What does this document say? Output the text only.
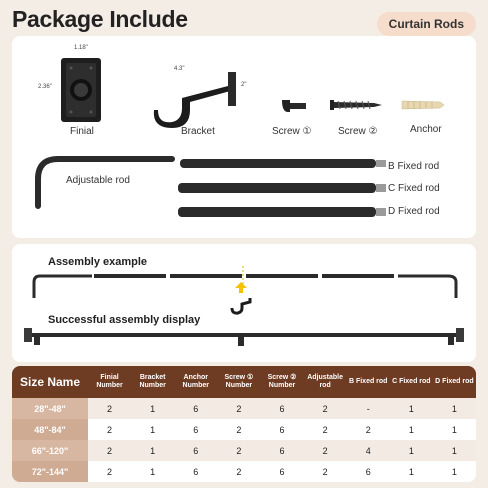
Package Include	Curtain Rods
1.18"
2.36"
Finial
4.3"
2"
Bracket	Screw ①	Screw ②	Anchor
Adjustable rod
B Fixed rod
C Fixed rod
D Fixed rod
Assembly example
Successful assembly display
Size Name	Finial Number	Bracket Number	Anchor Number	Screw ① Number	Screw ② Number	Adjustable rod	B Fixed rod	C Fixed rod	D Fixed rod
28"-48"	2	1	6	2	6	2	-	1	1
48"-84"	2	1	6	2	6	2	2	1	1
66"-120"	2	1	6	2	6	2	4	1	1
72"-144"	2	1	6	2	6	2	6	1	1
